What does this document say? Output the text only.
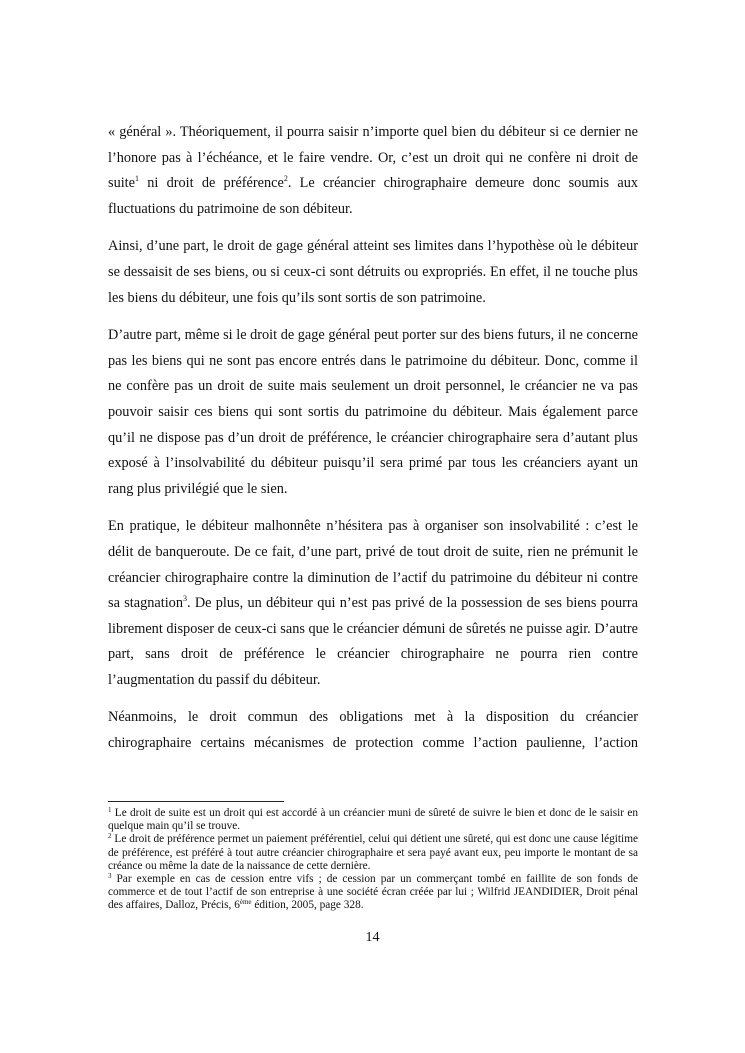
« général ». Théoriquement, il pourra saisir n’importe quel bien du débiteur si ce dernier ne l’honore pas à l’échéance, et le faire vendre. Or, c’est un droit qui ne confère ni droit de suite$^1$ ni droit de préférence$^2$. Le créancier chirographaire demeure donc soumis aux fluctuations du patrimoine de son débiteur.

Ainsi, d’une part, le droit de gage général atteint ses limites dans l’hypothèse où le débiteur se dessaisit de ses biens, ou si ceux-ci sont détruits ou expropriés. En effet, il ne touche plus les biens du débiteur, une fois qu’ils sont sortis de son patrimoine.

D’autre part, même si le droit de gage général peut porter sur des biens futurs, il ne concerne pas les biens qui ne sont pas encore entrés dans le patrimoine du débiteur. Donc, comme il ne confère pas un droit de suite mais seulement un droit personnel, le créancier ne va pas pouvoir saisir ces biens qui sont sortis du patrimoine du débiteur. Mais également parce qu’il ne dispose pas d’un droit de préférence, le créancier chirographaire sera d’autant plus exposé à l’insolvabilité du débiteur puisqu’il sera primé par tous les créanciers ayant un rang plus privilégié que le sien.

En pratique, le débiteur malhonnête n’hésitera pas à organiser son insolvabilité : c’est le délit de banqueroute. De ce fait, d’une part, privé de tout droit de suite, rien ne prémunit le créancier chirographaire contre la diminution de l’actif du patrimoine du débiteur ni contre sa stagnation$^3$. De plus, un débiteur qui n’est pas privé de la possession de ses biens pourra librement disposer de ceux-ci sans que le créancier démuni de sûretés ne puisse agir. D’autre part, sans droit de préférence le créancier chirographaire ne pourra rien contre l’augmentation du passif du débiteur.

Néanmoins, le droit commun des obligations met à la disposition du créancier chirographaire certains mécanismes de protection comme l’action paulienne, l’action

$^1$ Le droit de suite est un droit qui est accordé à un créancier muni de sûreté de suivre le bien et donc de le saisir en quelque main qu’il se trouve.

$^2$ Le droit de préférence permet un paiement préférentiel, celui qui détient une sûreté, qui est donc une cause légitime de préférence, est préféré à tout autre créancier chirographaire et sera payé avant eux, peu importe le montant de sa créance ou même la date de la naissance de cette dernière.

$^3$ Par exemple en cas de cession entre vifs ; de cession par un commerçant tombé en faillite de son fonds de commerce et de tout l’actif de son entreprise à une société écran créée par lui ; Wilfrid JEANDIDIER, Droit pénal des affaires, Dalloz, Précis, 6ème édition, 2005, page 328.

14
